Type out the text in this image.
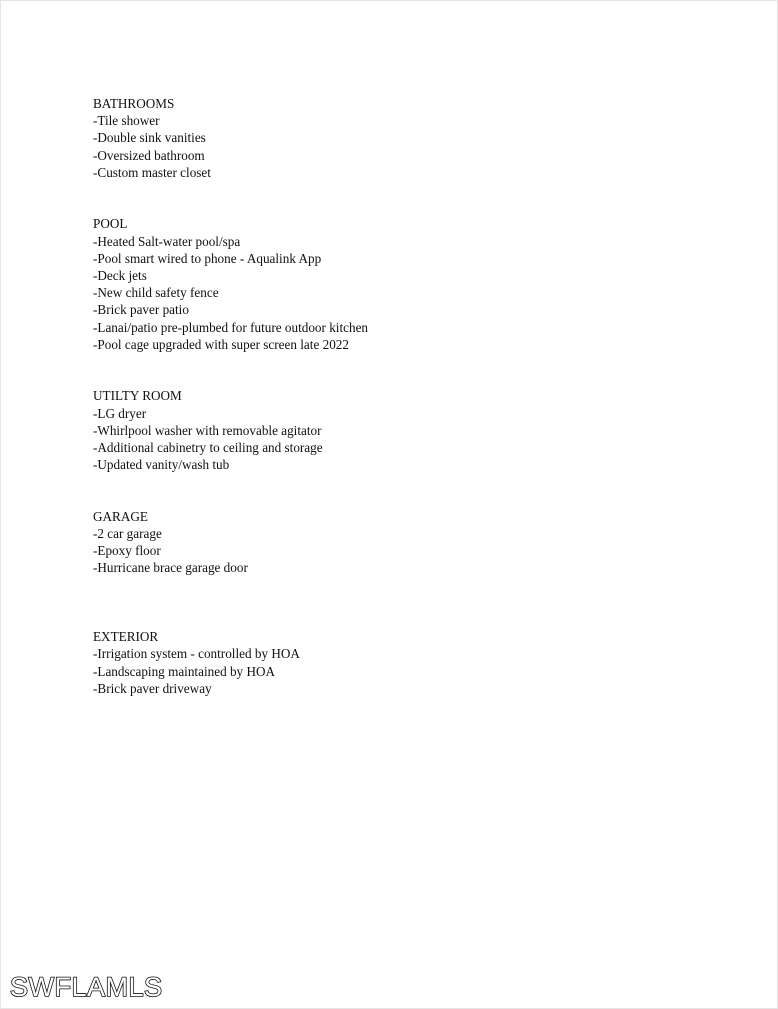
BATHROOMS
-Tile shower
-Double sink vanities
-Oversized bathroom
-Custom master closet
POOL
-Heated Salt-water pool/spa
-Pool smart wired to phone - Aqualink App
-Deck jets
-New child safety fence
-Brick paver patio
-Lanai/patio pre-plumbed for future outdoor kitchen
-Pool cage upgraded with super screen late 2022
UTILTY ROOM
-LG dryer
-Whirlpool washer with removable agitator
-Additional cabinetry to ceiling and storage
-Updated vanity/wash tub
GARAGE
-2 car garage
-Epoxy floor
-Hurricane brace garage door
EXTERIOR
-Irrigation system - controlled by HOA
-Landscaping maintained by HOA
-Brick paver driveway
SWFLAMLS
